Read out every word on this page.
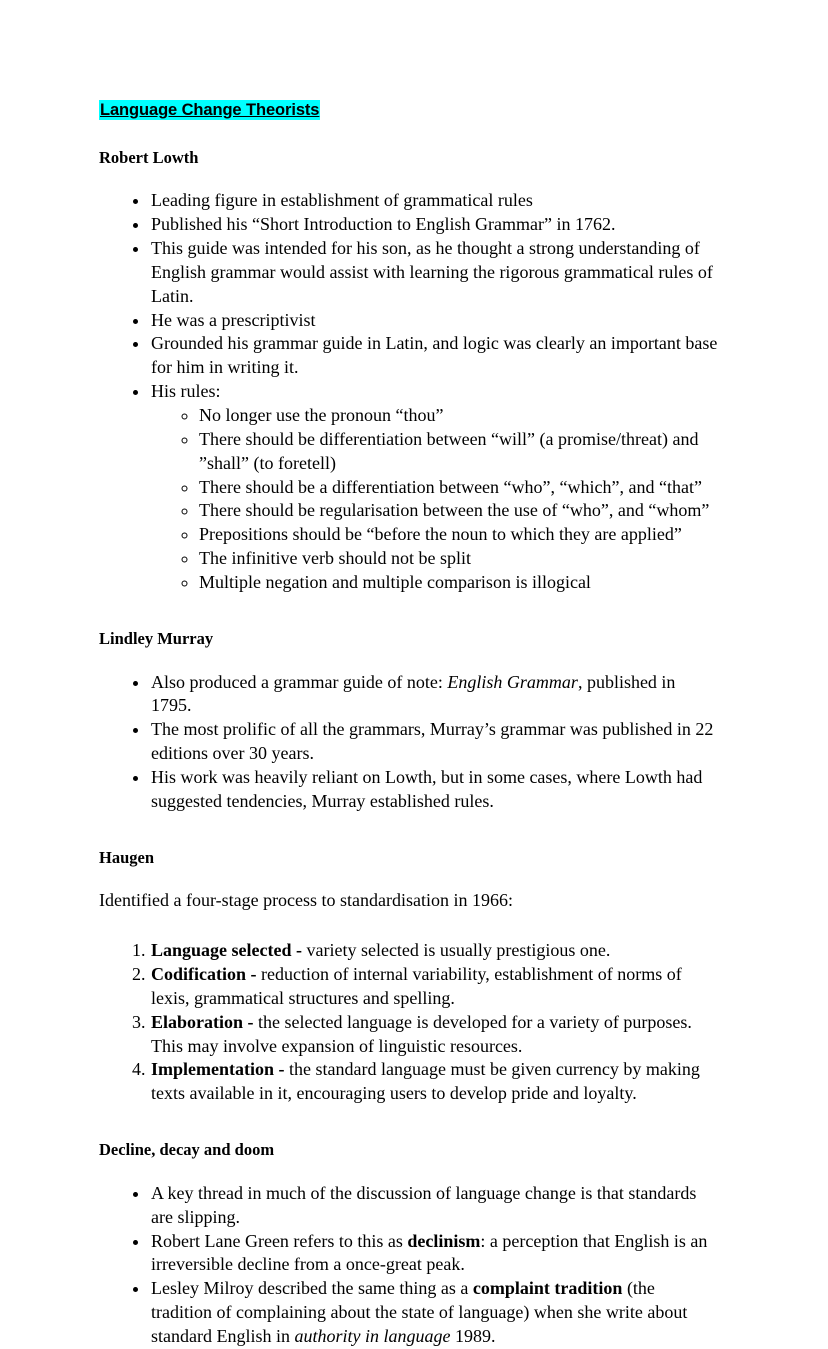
Language Change Theorists
Robert Lowth
• Leading figure in establishment of grammatical rules
• Published his “Short Introduction to English Grammar” in 1762.
• This guide was intended for his son, as he thought a strong understanding of English grammar would assist with learning the rigorous grammatical rules of Latin.
• He was a prescriptivist
• Grounded his grammar guide in Latin, and logic was clearly an important base for him in writing it.
• His rules:
◦ No longer use the pronoun “thou”
◦ There should be differentiation between “will” (a promise/threat) and ”shall” (to foretell)
◦ There should be a differentiation between “who”, “which”, and “that”
◦ There should be regularisation between the use of “who”, and “whom”
◦ Prepositions should be “before the noun to which they are applied”
◦ The infinitive verb should not be split
◦ Multiple negation and multiple comparison is illogical
Lindley Murray
• Also produced a grammar guide of note: English Grammar, published in 1795.
• The most prolific of all the grammars, Murray’s grammar was published in 22 editions over 30 years.
• His work was heavily reliant on Lowth, but in some cases, where Lowth had suggested tendencies, Murray established rules.
Haugen

Identified a four-stage process to standardisation in 1966:

1. Language selected - variety selected is usually prestigious one.
2. Codification - reduction of internal variability, establishment of norms of lexis, grammatical structures and spelling.
3. Elaboration - the selected language is developed for a variety of purposes. This may involve expansion of linguistic resources.
4. Implementation - the standard language must be given currency by making texts available in it, encouraging users to develop pride and loyalty.
Decline, decay and doom
• A key thread in much of the discussion of language change is that standards are slipping.
• Robert Lane Green refers to this as declinism: a perception that English is an irreversible decline from a once-great peak.
• Lesley Milroy described the same thing as a complaint tradition (the tradition of complaining about the state of language) when she write about standard English in authority in language 1989.
